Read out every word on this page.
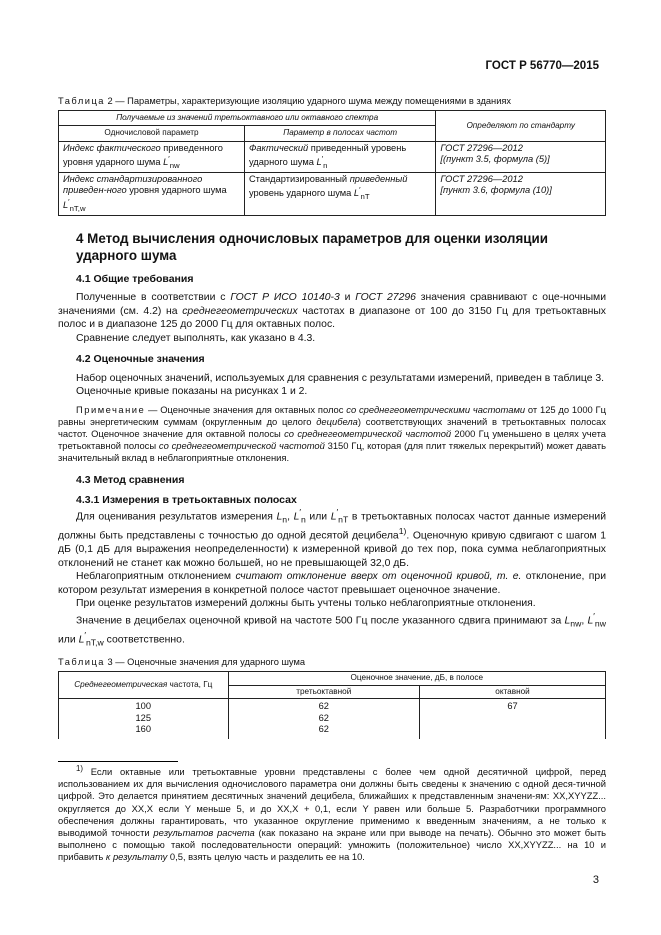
ГОСТ Р 56770—2015
Таблица 2 — Параметры, характеризующие изоляцию ударного шума между помещениями в зданиях
Получаемые из значений третьоктавного или октавного спектра		Определяют по стандарту
Одночисловой параметр	Параметр в полосах частот	
Индекс фактического приведенного уровня ударного шума $L'_{nw}$	Фактический приведенный уровень ударного шума $L'_n$	ГОСТ 27296—2012
[(пункт 3.5, формула (5)]
Индекс стандартизированного приведен-ного уровня ударного шума $L'_{nT,w}$	Стандартизированный приведенный уровень ударного шума $L'_{nT}$	ГОСТ 27296—2012
[пункт 3.6, формула (10)]
4 Метод вычисления одночисловых параметров для оценки изоляции ударного шума
4.1 Общие требования

Полученные в соответствии с ГОСТ Р ИСО 10140-3 и ГОСТ 27296 значения сравнивают с оце-ночными значениями (см. 4.2) на среднегеометрических частотах в диапазоне от 100 до 3150 Гц для третьоктавных полос и в диапазоне 125 до 2000 Гц для октавных полос.

Сравнение следует выполнять, как указано в 4.3.

4.2 Оценочные значения

Набор оценочных значений, используемых для сравнения с результатами измерений, приведен в таблице 3.

Оценочные кривые показаны на рисунках 1 и 2.

Примечание — Оценочные значения для октавных полос со среднегеометрическими частотами от 125 до 1000 Гц равны энергетическим суммам (округленным до целого децибела) соответствующих значений в третьоктавных полосах частот. Оценочное значение для октавной полосы со среднегеометрической частотой 2000 Гц уменьшено в целях учета третьоктавной полосы со среднегеометрической частотой 3150 Гц, которая (для плит тяжелых перекрытий) может давать значительный вклад в неблагоприятные отклонения.

4.3 Метод сравнения
4.3.1 Измерения в третьоктавных полосах

Для оценивания результатов измерения $L_n$, $L'_n$ или $L'_{nT}$ в третьоктавных полосах частот данные измерений должны быть представлены с точностью до одной десятой децибела$^{1)}$. Оценочную кривую сдвигают с шагом 1 дБ (0,1 дБ для выражения неопределенности) к измеренной кривой до тех пор, пока сумма неблагоприятных отклонений не станет как можно большей, но не превышающей 32,0 дБ.

Неблагоприятным отклонением считают отклонение вверх от оценочной кривой, т. е. отклонение, при котором результат измерения в конкретной полосе частот превышает оценочное значение.

При оценке результатов измерений должны быть учтены только неблагоприятные отклонения.

Значение в децибелах оценочной кривой на частоте 500 Гц после указанного сдвига принимают за $L_{nw}$, $L'_{nw}$ или $L'_{nT,w}$ соответственно.

Таблица 3 — Оценочные значения для ударного шума
Среднегеометрическая частота, Гц	Оценочное значение, дБ, в полосе	
	третьоктавной	октавной
100	62	67
125	62	
160	62	

$^{1)}$ Если октавные или третьоктавные уровни представлены с более чем одной десятичной цифрой, перед использованием их для вычисления одночислового параметра они должны быть сведены к значению с одной деся-тичной цифрой. Это делается принятием десятичных значений децибела, ближайших к представленным значени-ям: XX,XYYZZ... округляется до XX,X если Y меньше 5, и до XX,X + 0,1, если Y равен или больше 5. Разработчики программного обеспечения должны гарантировать, что указанное округление применимо к введенным значениям, а не только к выводимой точности результатов расчета (как показано на экране или при выводе на печать). Обычно это может быть выполнено с помощью такой последовательности операций: умножить (положительное) число XX,XYYZZ... на 10 и прибавить к результату 0,5, взять целую часть и разделить ее на 10.

3
